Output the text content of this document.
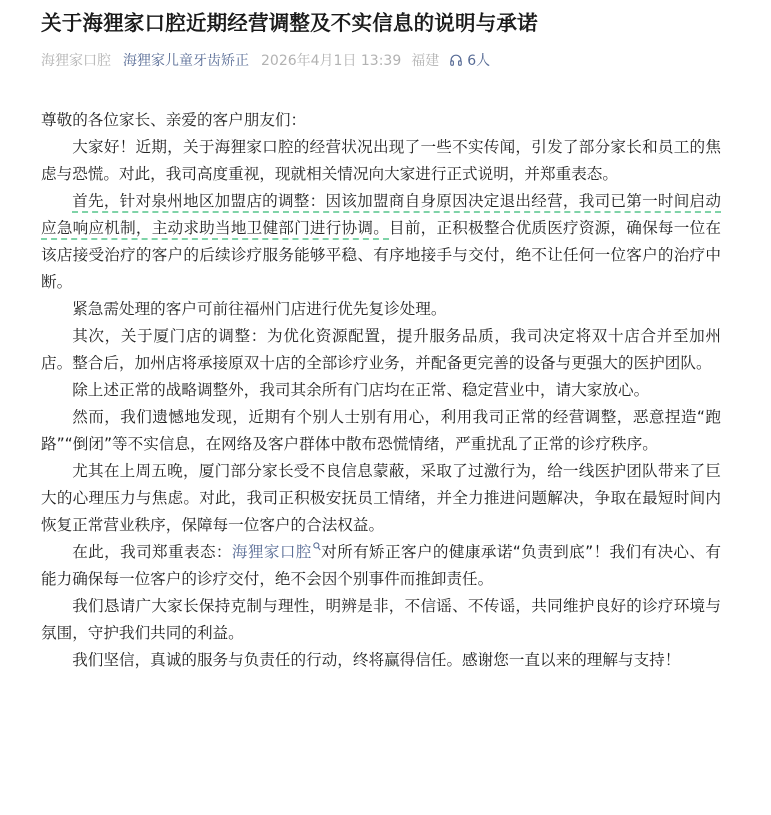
关于海狸家口腔近期经营调整及不实信息的说明与承诺
海狸家口腔 海狸家儿童牙齿矫正 2026年4月1日 13:39 福建 6人

尊敬的各位家长、亲爱的客户朋友们：

大家好！近期，关于海狸家口腔的经营状况出现了一些不实传闻，引发了部分家长和员工的焦虑与恐慌。对此，我司高度重视，现就相关情况向大家进行正式说明，并郑重表态。

首先，针对泉州地区加盟店的调整：因该加盟商自身原因决定退出经营，我司已第一时间启动应急响应机制，主动求助当地卫健部门进行协调。目前，正积极整合优质医疗资源，确保每一位在该店接受治疗的客户的后续诊疗服务能够平稳、有序地接手与交付，绝不让任何一位客户的治疗中断。

紧急需处理的客户可前往福州门店进行优先复诊处理。

其次，关于厦门店的调整：为优化资源配置，提升服务品质，我司决定将双十店合并至加州店。整合后，加州店将承接原双十店的全部诊疗业务，并配备更完善的设备与更强大的医护团队。

除上述正常的战略调整外，我司其余所有门店均在正常、稳定营业中，请大家放心。

然而，我们遗憾地发现，近期有个别人士别有用心，利用我司正常的经营调整，恶意捏造“跑路”“倒闭”等不实信息，在网络及客户群体中散布恐慌情绪，严重扰乱了正常的诊疗秩序。

尤其在上周五晚，厦门部分家长受不良信息蒙蔽，采取了过激行为，给一线医护团队带来了巨大的心理压力与焦虑。对此，我司正积极安抚员工情绪，并全力推进问题解决，争取在最短时间内恢复正常营业秩序，保障每一位客户的合法权益。

在此，我司郑重表态：海狸家口腔 对所有矫正客户的健康承诺“负责到底”！我们有决心、有能力确保每一位客户的诊疗交付，绝不会因个别事件而推卸责任。

我们恳请广大家长保持克制与理性，明辨是非，不信谣、不传谣，共同维护良好的诊疗环境与氛围，守护我们共同的利益。

我们坚信，真诚的服务与负责任的行动，终将赢得信任。感谢您一直以来的理解与支持！
